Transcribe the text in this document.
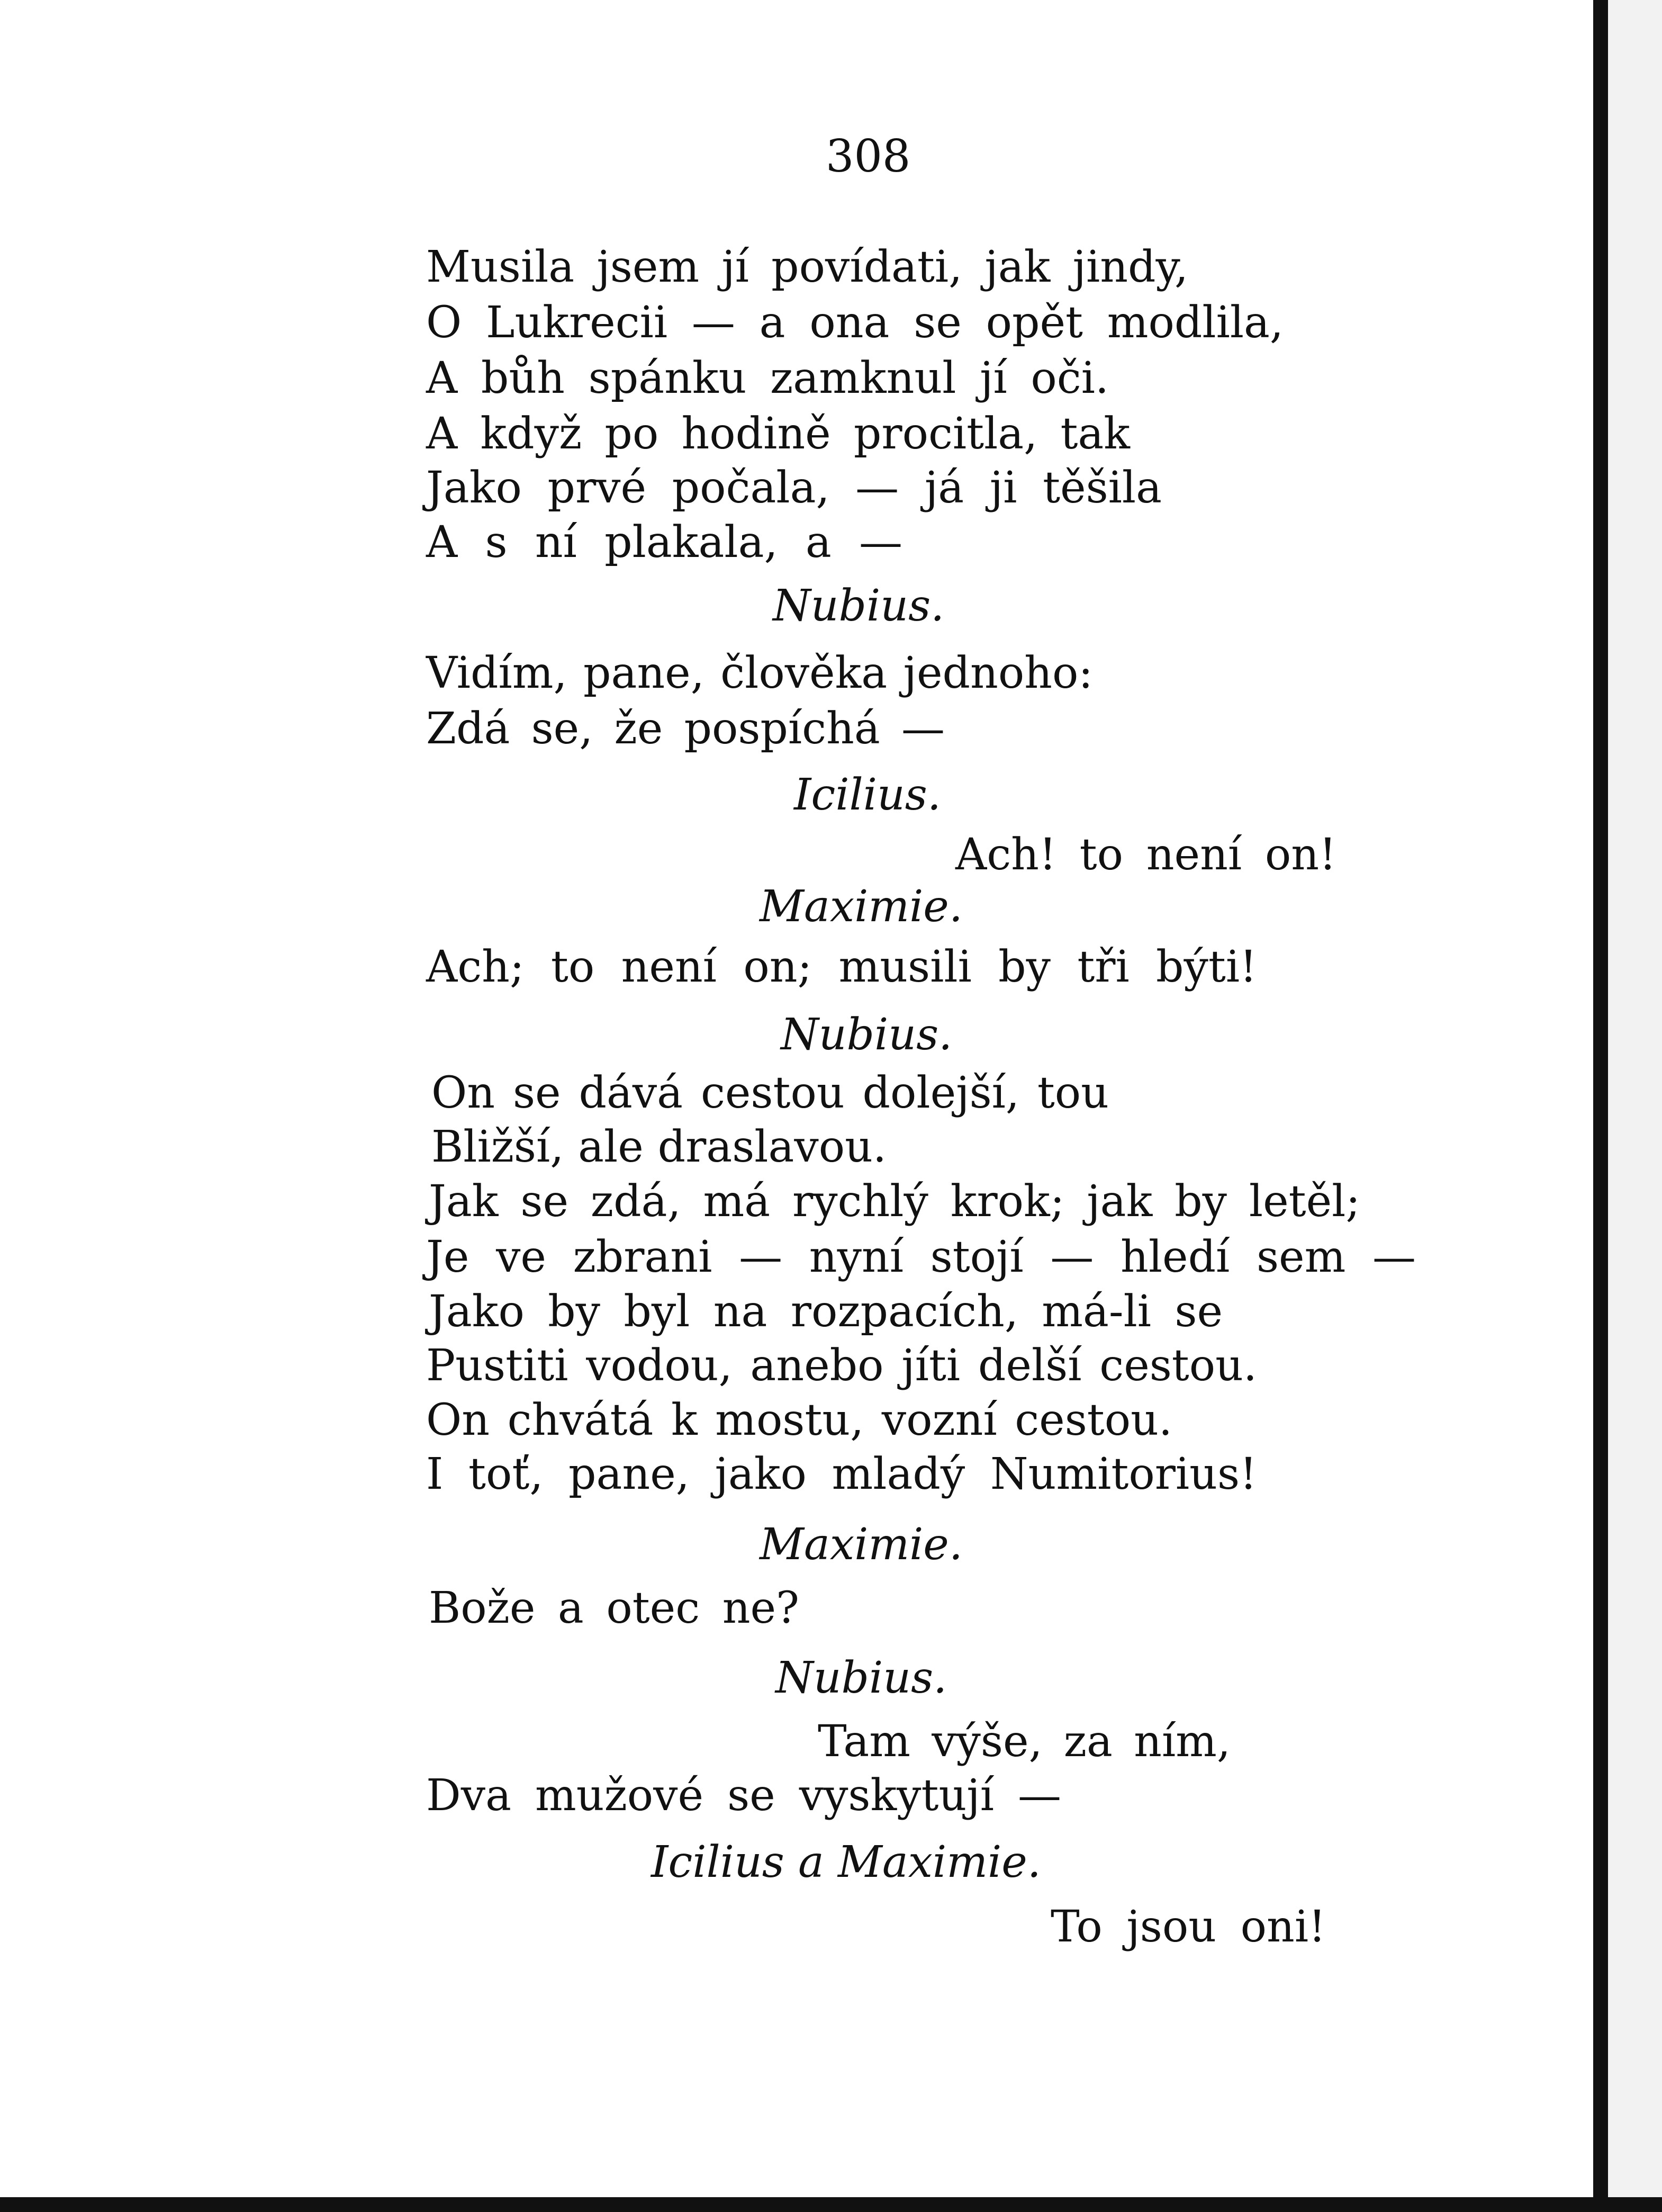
308
Musila jsem jí povídati, jak jindy,
O Lukrecii — a ona se opět modlila,
A bůh spánku zamknul jí oči.
A když po hodině procitla, tak
Jako prvé počala, — já ji těšila
A s ní plakala, a —
Nubius.
Vidím, pane, člověka jednoho:
Zdá se, že pospíchá —
Icilius.
Ach! to není on!
Maximie.
Ach; to není on; musili by tři býti!
Nubius.
On se dává cestou dolejší, tou
Bližší, ale draslavou.
Jak se zdá, má rychlý krok; jak by letěl;
Je ve zbrani — nyní stojí — hledí sem —
Jako by byl na rozpacích, má-li se
Pustiti vodou, anebo jíti delší cestou.
On chvátá k mostu, vozní cestou.
I toť, pane, jako mladý Numitorius!
Maximie.
Bože a otec ne?
Nubius.
Tam výše, za ním,
Dva mužové se vyskytují —
Icilius a Maximie.
To jsou oni!
